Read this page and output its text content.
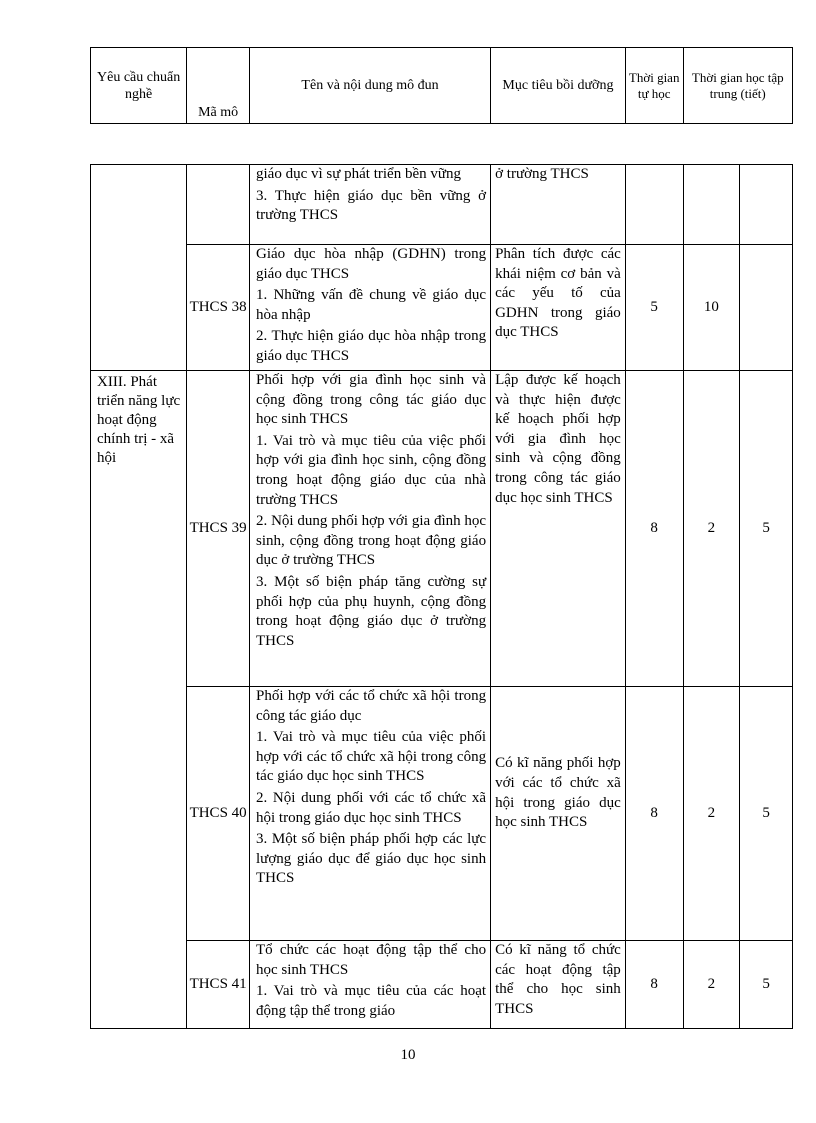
Yêu cầu chuẩn nghề	Mã mô	Tên và nội dung mô đun	Mục tiêu bồi dưỡng	Thời gian tự học	Thời gian học tập trung (tiết)

		giáo dục vì sự phát triển bền vững

3. Thực hiện giáo dục bền vững ở trường THCS	ở trường THCS			

	THCS 38	Giáo dục hòa nhập (GDHN) trong giáo dục THCS

1. Những vấn đề chung về giáo dục hòa nhập

2. Thực hiện giáo dục hòa nhập trong giáo dục THCS	Phân tích được các khái niệm cơ bản và các yếu tố của GDHN trong giáo dục THCS	5	10	
XIII. Phát triển năng lực hoạt động chính trị - xã hội	THCS 39	Phối hợp với gia đình học sinh và cộng đồng trong công tác giáo dục học sinh THCS

1. Vai trò và mục tiêu của việc phối hợp với gia đình học sinh, cộng đồng trong hoạt động giáo dục của nhà trường THCS

2. Nội dung phối hợp với gia đình học sinh, cộng đồng trong hoạt động giáo dục ở trường THCS

3. Một số biện pháp tăng cường sự phối hợp của phụ huynh, cộng đồng trong hoạt động giáo dục ở trường THCS	Lập được kế hoạch và thực hiện được kế hoạch phối hợp với gia đình học sinh và cộng đồng trong công tác giáo dục học sinh THCS	8	2	5
	THCS 40	Phối hợp với các tổ chức xã hội trong công tác giáo dục

1. Vai trò và mục tiêu của việc phối hợp với các tổ chức xã hội trong công tác giáo dục học sinh THCS

2. Nội dung phối với các tổ chức xã hội trong giáo dục học sinh THCS

3. Một số biện pháp phối hợp các lực lượng giáo dục để giáo dục học sinh THCS	Có kĩ năng phối hợp với các tổ chức xã hội trong giáo dục học sinh THCS	8	2	5
	THCS 41	Tổ chức các hoạt động tập thể cho học sinh THCS

1. Vai trò và mục tiêu của các hoạt động tập thể trong giáo	Có kĩ năng tổ chức các hoạt động tập thể cho học sinh THCS	8	2	5
10
